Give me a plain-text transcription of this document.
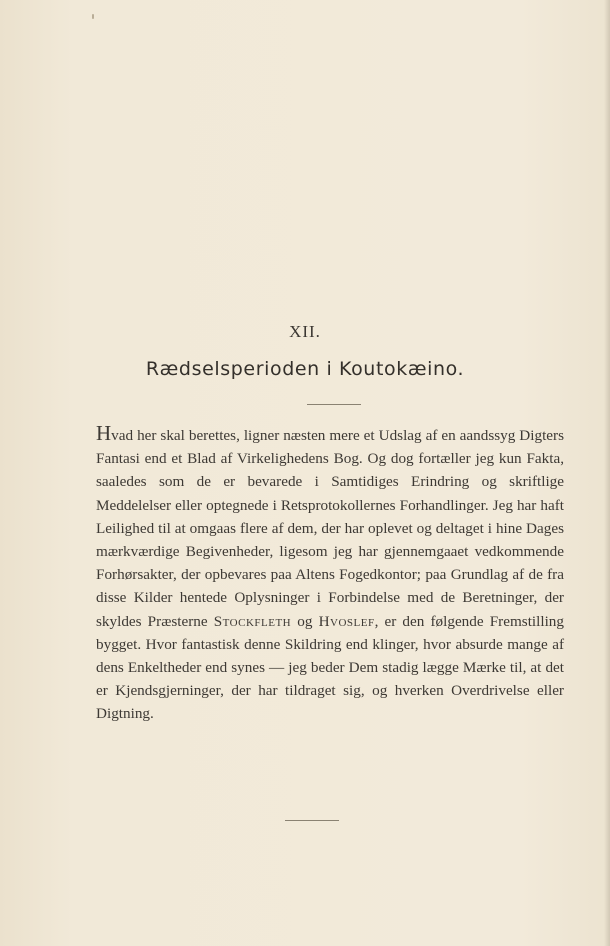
XII.
Rædselsperioden i Koutokæino.

Hvad her skal berettes, ligner næsten mere et Udslag af en aandssyg Digters Fantasi end et Blad af Virkelighedens Bog. Og dog fortæller jeg kun Fakta, saaledes som de er bevarede i Samtidiges Erindring og skriftlige Meddelelser eller optegnede i Retsprotokollernes Forhandlinger. Jeg har haft Leilighed til at omgaas flere af dem, der har oplevet og deltaget i hine Dages mærkværdige Begivenheder, ligesom jeg har gjennemgaaet vedkommende Forhørsakter, der opbevares paa Altens Fogedkontor; paa Grundlag af de fra disse Kilder hentede Oplysninger i Forbindelse med de Beretninger, der skyldes Præsterne Stockfleth og Hvoslef, er den følgende Fremstilling bygget. Hvor fantastisk denne Skildring end klinger, hvor absurde mange af dens Enkeltheder end synes — jeg beder Dem stadig lægge Mærke til, at det er Kjendsgjerninger, der har tildraget sig, og hverken Overdrivelse eller Digtning.
